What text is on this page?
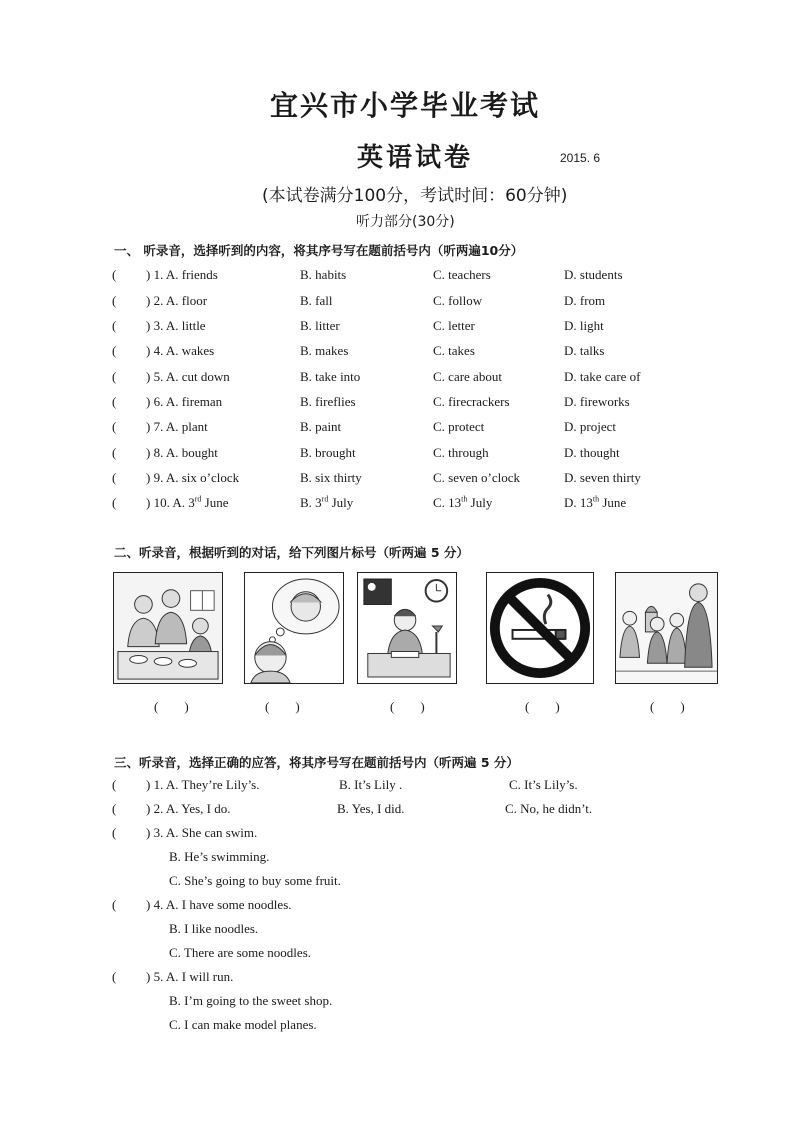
宜兴市小学毕业考试
英语试卷	2015. 6
(本试卷满分100分，考试时间：60分钟)
听力部分(30分)
一、 听录音，选择听到的内容，将其序号写在题前括号内（听两遍10分）
( ) 1. A. friends	B. habits	C. teachers	D. students
( ) 2. A. floor	B. fall	C. follow	D. from
( ) 3. A. little	B. litter	C. letter	D. light
( ) 4. A. wakes	B. makes	C. takes	D. talks
( ) 5. A. cut down	B. take into	C. care about	D. take care of
( ) 6. A. fireman	B. fireflies	C. firecrackers	D. fireworks
( ) 7. A. plant	B. paint	C. protect	D. project
( ) 8. A. bought	B. brought	C. through	D. thought
( ) 9. A. six o’clock	B. six thirty	C. seven o’clock	D. seven thirty
( ) 10. A. 3rd June	B. 3rd July	C. 13th July	D. 13th June
二、听录音，根据听到的对话，给下列图片标号（听两遍 5 分）
(　　)	(　　)	(　　)	(　　)	(　　)
三、听录音，选择正确的应答，将其序号写在题前括号内（听两遍 5 分）
( ) 1. A. They’re Lily’s.	B. It’s Lily .	C. It’s Lily’s.
( ) 2. A. Yes, I do.	B. Yes, I did.	C. No, he didn’t.
( ) 3. A. She can swim.
B. He’s swimming.
C. She’s going to buy some fruit.
( ) 4. A. I have some noodles.
B. I like noodles.
C. There are some noodles.
( ) 5. A. I will run.
B. I’m going to the sweet shop.
C. I can make model planes.
